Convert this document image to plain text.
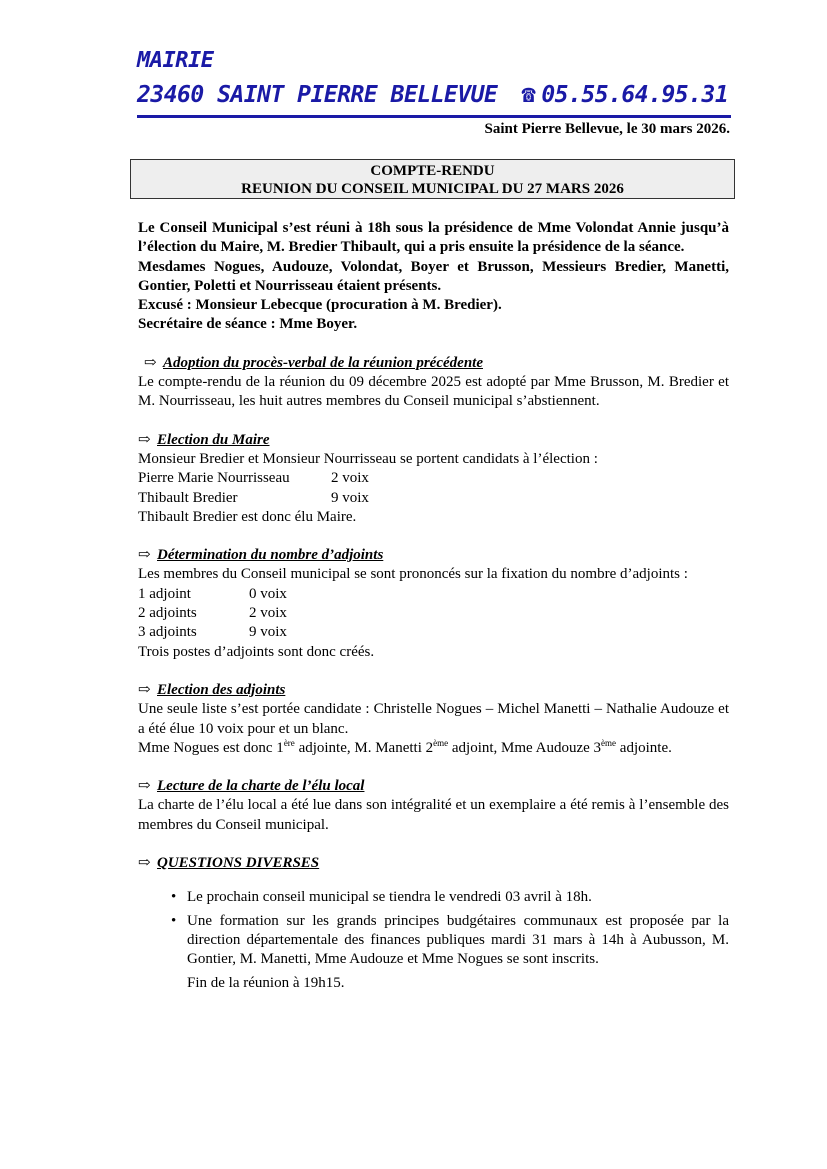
MAIRIE
23460 SAINT PIERRE BELLEVUE ☎ 05.55.64.95.31
Saint Pierre Bellevue, le 30 mars 2026.
COMPTE-RENDU
REUNION DU CONSEIL MUNICIPAL DU 27 MARS 2026

Le Conseil Municipal s’est réuni à 18h sous la présidence de Mme Volondat Annie jusqu’à l’élection du Maire, M. Bredier Thibault, qui a pris ensuite la présidence de la séance.

Mesdames Nogues, Audouze, Volondat, Boyer et Brusson, Messieurs Bredier, Manetti, Gontier, Poletti et Nourrisseau étaient présents.

Excusé : Monsieur Lebecque (procuration à M. Bredier).

Secrétaire de séance : Mme Boyer.

⇨ Adoption du procès-verbal de la réunion précédente

Le compte-rendu de la réunion du 09 décembre 2025 est adopté par Mme Brusson, M. Bredier et M. Nourrisseau, les huit autres membres du Conseil municipal s’abstiennent.

⇨ Election du Maire

Monsieur Bredier et Monsieur Nourrisseau se portent candidats à l’élection :

Pierre Marie Nourrisseau	2 voix

Thibault Bredier	9 voix

Thibault Bredier est donc élu Maire.

⇨ Détermination du nombre d’adjoints

Les membres du Conseil municipal se sont prononcés sur la fixation du nombre d’adjoints :

1 adjoint	0 voix

2 adjoints	2 voix

3 adjoints	9 voix

Trois postes d’adjoints sont donc créés.

⇨ Election des adjoints

Une seule liste s’est portée candidate : Christelle Nogues – Michel Manetti – Nathalie Audouze et a été élue 10 voix pour et un blanc.

Mme Nogues est donc 1ère adjointe, M. Manetti 2ème adjoint, Mme Audouze 3ème adjointe.

⇨ Lecture de la charte de l’élu local

La charte de l’élu local a été lue dans son intégralité et un exemplaire a été remis à l’ensemble des membres du Conseil municipal.

⇨ QUESTIONS DIVERSES

• Le prochain conseil municipal se tiendra le vendredi 03 avril à 18h.
• Une formation sur les grands principes budgétaires communaux est proposée par la direction départementale des finances publiques mardi 31 mars à 14h à Aubusson, M. Gontier, M. Manetti, Mme Audouze et Mme Nogues se sont inscrits.

Fin de la réunion à 19h15.
